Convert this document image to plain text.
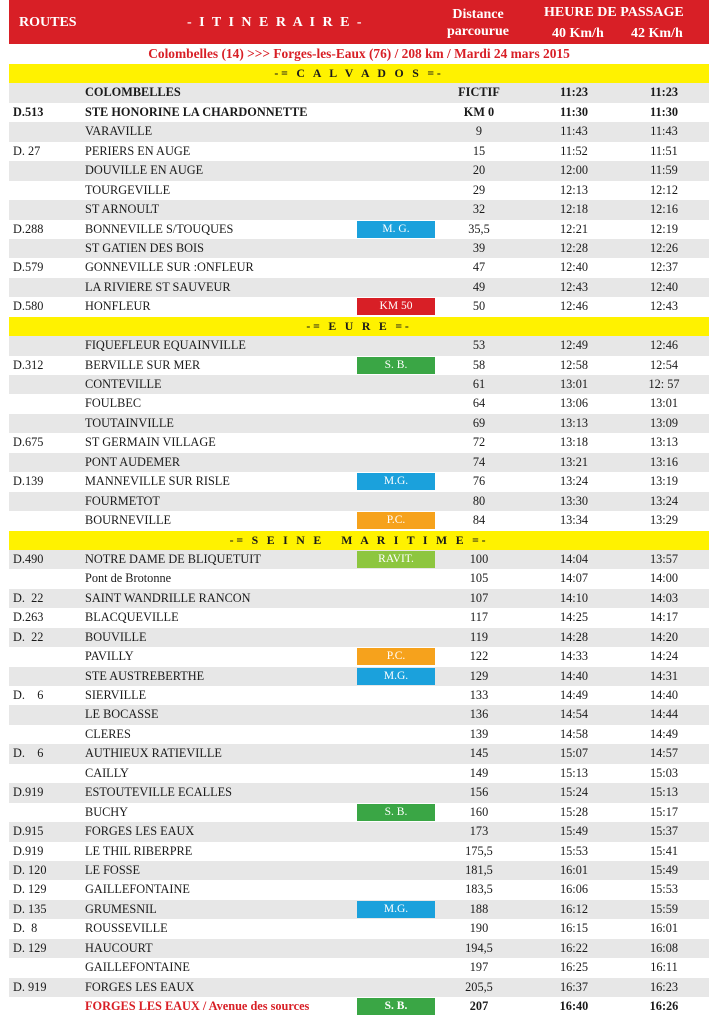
ROUTES	- I T I N E R A I R E -
Distance
parcourue
HEURE DE PASSAGE
40 Km/h 42 Km/h
Colombelles (14) >>> Forges-les-Eaux (76) / 208 km / Mardi 24 mars 2015
-= C A L V A D O S =-
COLOMBELLES	FICTIF	11:23	11:23
D.513	STE HONORINE LA CHARDONNETTE	KM 0	11:30	11:30
VARAVILLE	9	11:43	11:43
D. 27	PERIERS EN AUGE	15	11:52	11:51
DOUVILLE EN AUGE	20	12:00	11:59
TOURGEVILLE	29	12:13	12:12
ST ARNOULT	32	12:18	12:16
D.288	BONNEVILLE S/TOUQUES	M. G.	35,5	12:21	12:19
ST GATIEN DES BOIS	39	12:28	12:26
D.579	GONNEVILLE SUR :ONFLEUR	47	12:40	12:37
LA RIVIERE ST SAUVEUR	49	12:43	12:40
D.580	HONFLEUR	KM 50	50	12:46	12:43
-= E U R E =-
FIQUEFLEUR EQUAINVILLE	53	12:49	12:46
D.312	BERVILLE SUR MER	S. B.	58	12:58	12:54
CONTEVILLE	61	13:01	12: 57
FOULBEC	64	13:06	13:01
TOUTAINVILLE	69	13:13	13:09
D.675	ST GERMAIN VILLAGE	72	13:18	13:13
PONT AUDEMER	74	13:21	13:16
D.139	MANNEVILLE SUR RISLE	M.G.	76	13:24	13:19
FOURMETOT	80	13:30	13:24
BOURNEVILLE	P.C.	84	13:34	13:29
-= S E I N E   M A R I T I M E =-
D.490	NOTRE DAME DE BLIQUETUIT	RAVIT.	100	14:04	13:57
Pont de Brotonne	105	14:07	14:00
D.  22	SAINT WANDRILLE RANCON	107	14:10	14:03
D.263	BLACQUEVILLE	117	14:25	14:17
D.  22	BOUVILLE	119	14:28	14:20
PAVILLY	P.C.	122	14:33	14:24
STE AUSTREBERTHE	M.G.	129	14:40	14:31
D.    6	SIERVILLE	133	14:49	14:40
LE BOCASSE	136	14:54	14:44
CLERES	139	14:58	14:49
D.    6	AUTHIEUX RATIEVILLE	145	15:07	14:57
CAILLY	149	15:13	15:03
D.919	ESTOUTEVILLE ECALLES	156	15:24	15:13
BUCHY	S. B.	160	15:28	15:17
D.915	FORGES LES EAUX	173	15:49	15:37
D.919	LE THIL RIBERPRE	175,5	15:53	15:41
D. 120	LE FOSSE	181,5	16:01	15:49
D. 129	GAILLEFONTAINE	183,5	16:06	15:53
D. 135	GRUMESNIL	M.G.	188	16:12	15:59
D.  8	ROUSSEVILLE	190	16:15	16:01
D. 129	HAUCOURT	194,5	16:22	16:08
GAILLEFONTAINE	197	16:25	16:11
D. 919	FORGES LES EAUX	205,5	16:37	16:23
FORGES LES EAUX / Avenue des sources	S. B.	207	16:40	16:26
